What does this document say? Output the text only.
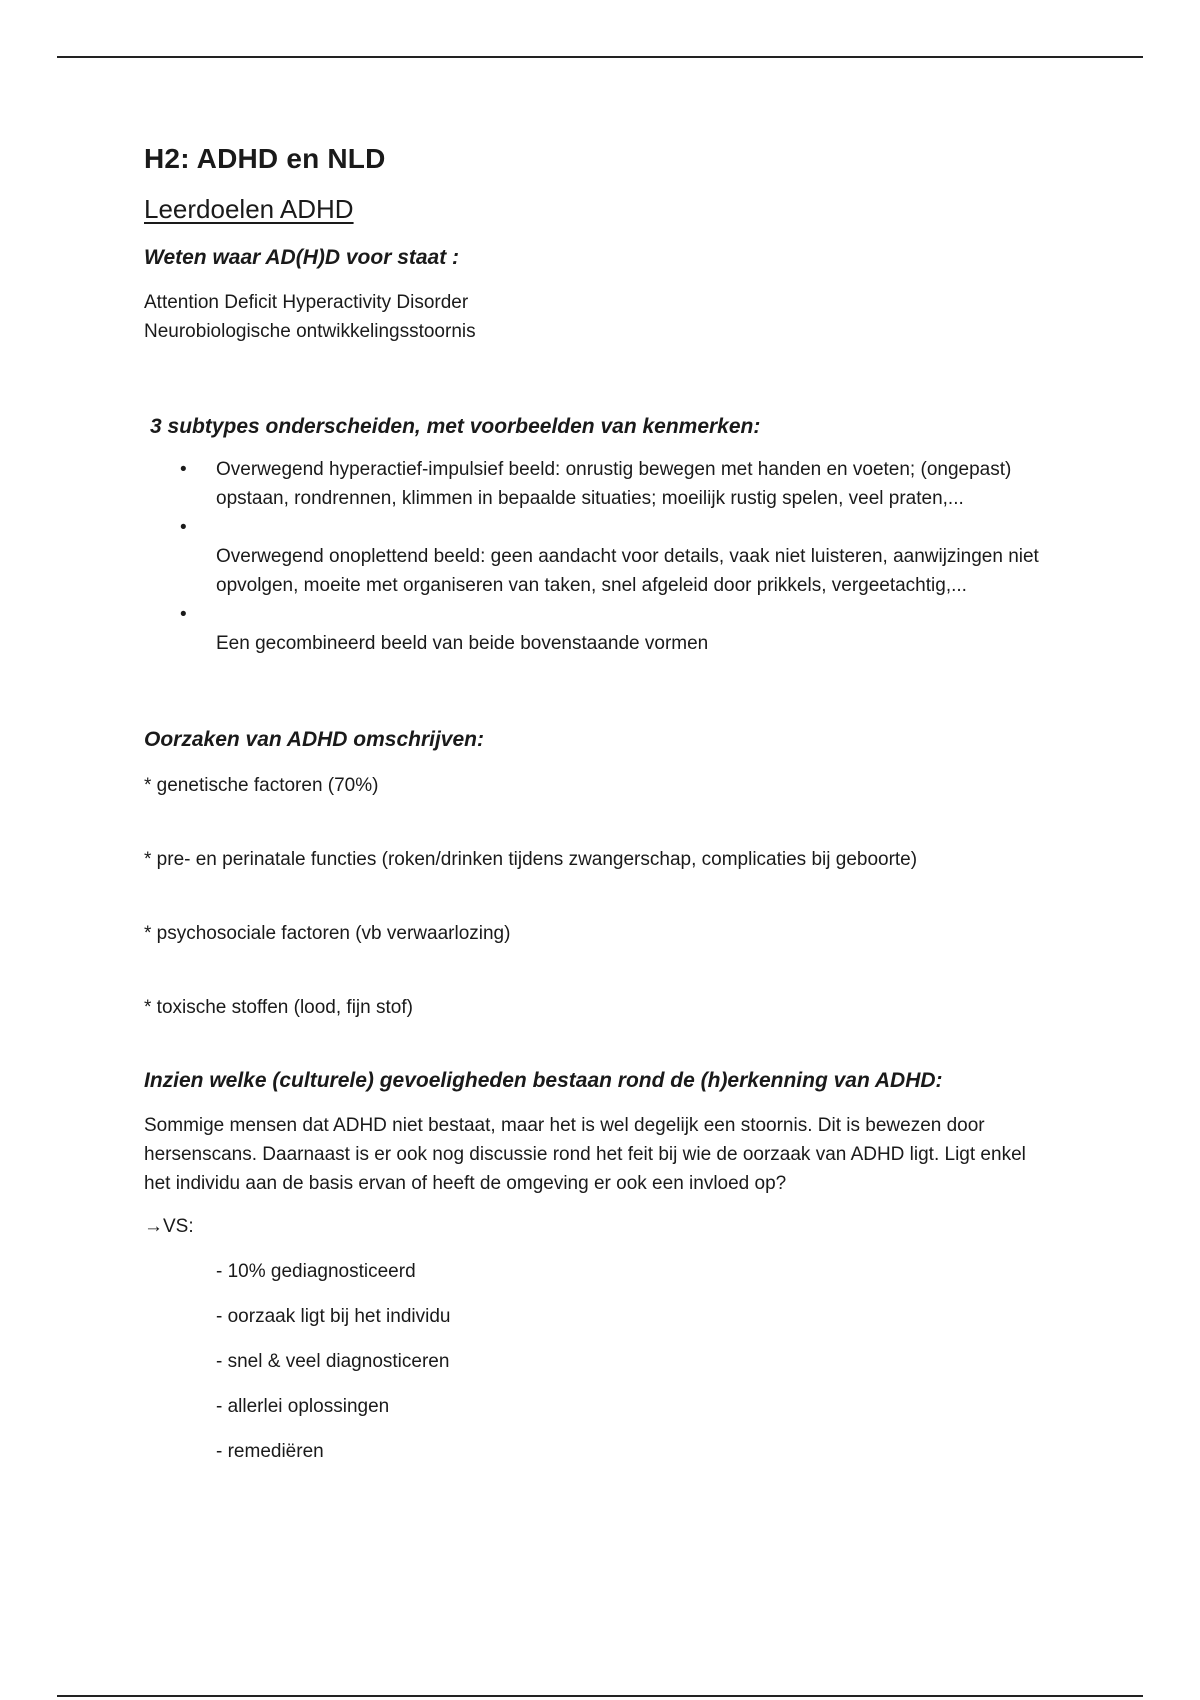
H2: ADHD en NLD
Leerdoelen ADHD
Weten waar AD(H)D voor staat :
Attention Deficit Hyperactivity Disorder
Neurobiologische ontwikkelingsstoornis
3 subtypes onderscheiden, met voorbeelden van kenmerken:
• Overwegend hyperactief-impulsief beeld: onrustig bewegen met handen en voeten; (ongepast) opstaan, rondrennen, klimmen in bepaalde situaties; moeilijk rustig spelen, veel praten,...
•
Overwegend onoplettend beeld: geen aandacht voor details, vaak niet luisteren, aanwijzingen niet opvolgen, moeite met organiseren van taken, snel afgeleid door prikkels, vergeetachtig,...
•
Een gecombineerd beeld van beide bovenstaande vormen
Oorzaken van ADHD omschrijven:
* genetische factoren (70%)
* pre- en perinatale functies (roken/drinken tijdens zwangerschap, complicaties bij geboorte)
* psychosociale factoren (vb verwaarlozing)
* toxische stoffen (lood, fijn stof)
Inzien welke (culturele) gevoeligheden bestaan rond de (h)erkenning van ADHD:
Sommige mensen dat ADHD niet bestaat, maar het is wel degelijk een stoornis. Dit is bewezen door hersenscans. Daarnaast is er ook nog discussie rond het feit bij wie de oorzaak van ADHD ligt. Ligt enkel het individu aan de basis ervan of heeft de omgeving er ook een invloed op?
→VS:
- 10% gediagnosticeerd
- oorzaak ligt bij het individu
- snel & veel diagnosticeren
- allerlei oplossingen
- remediëren
